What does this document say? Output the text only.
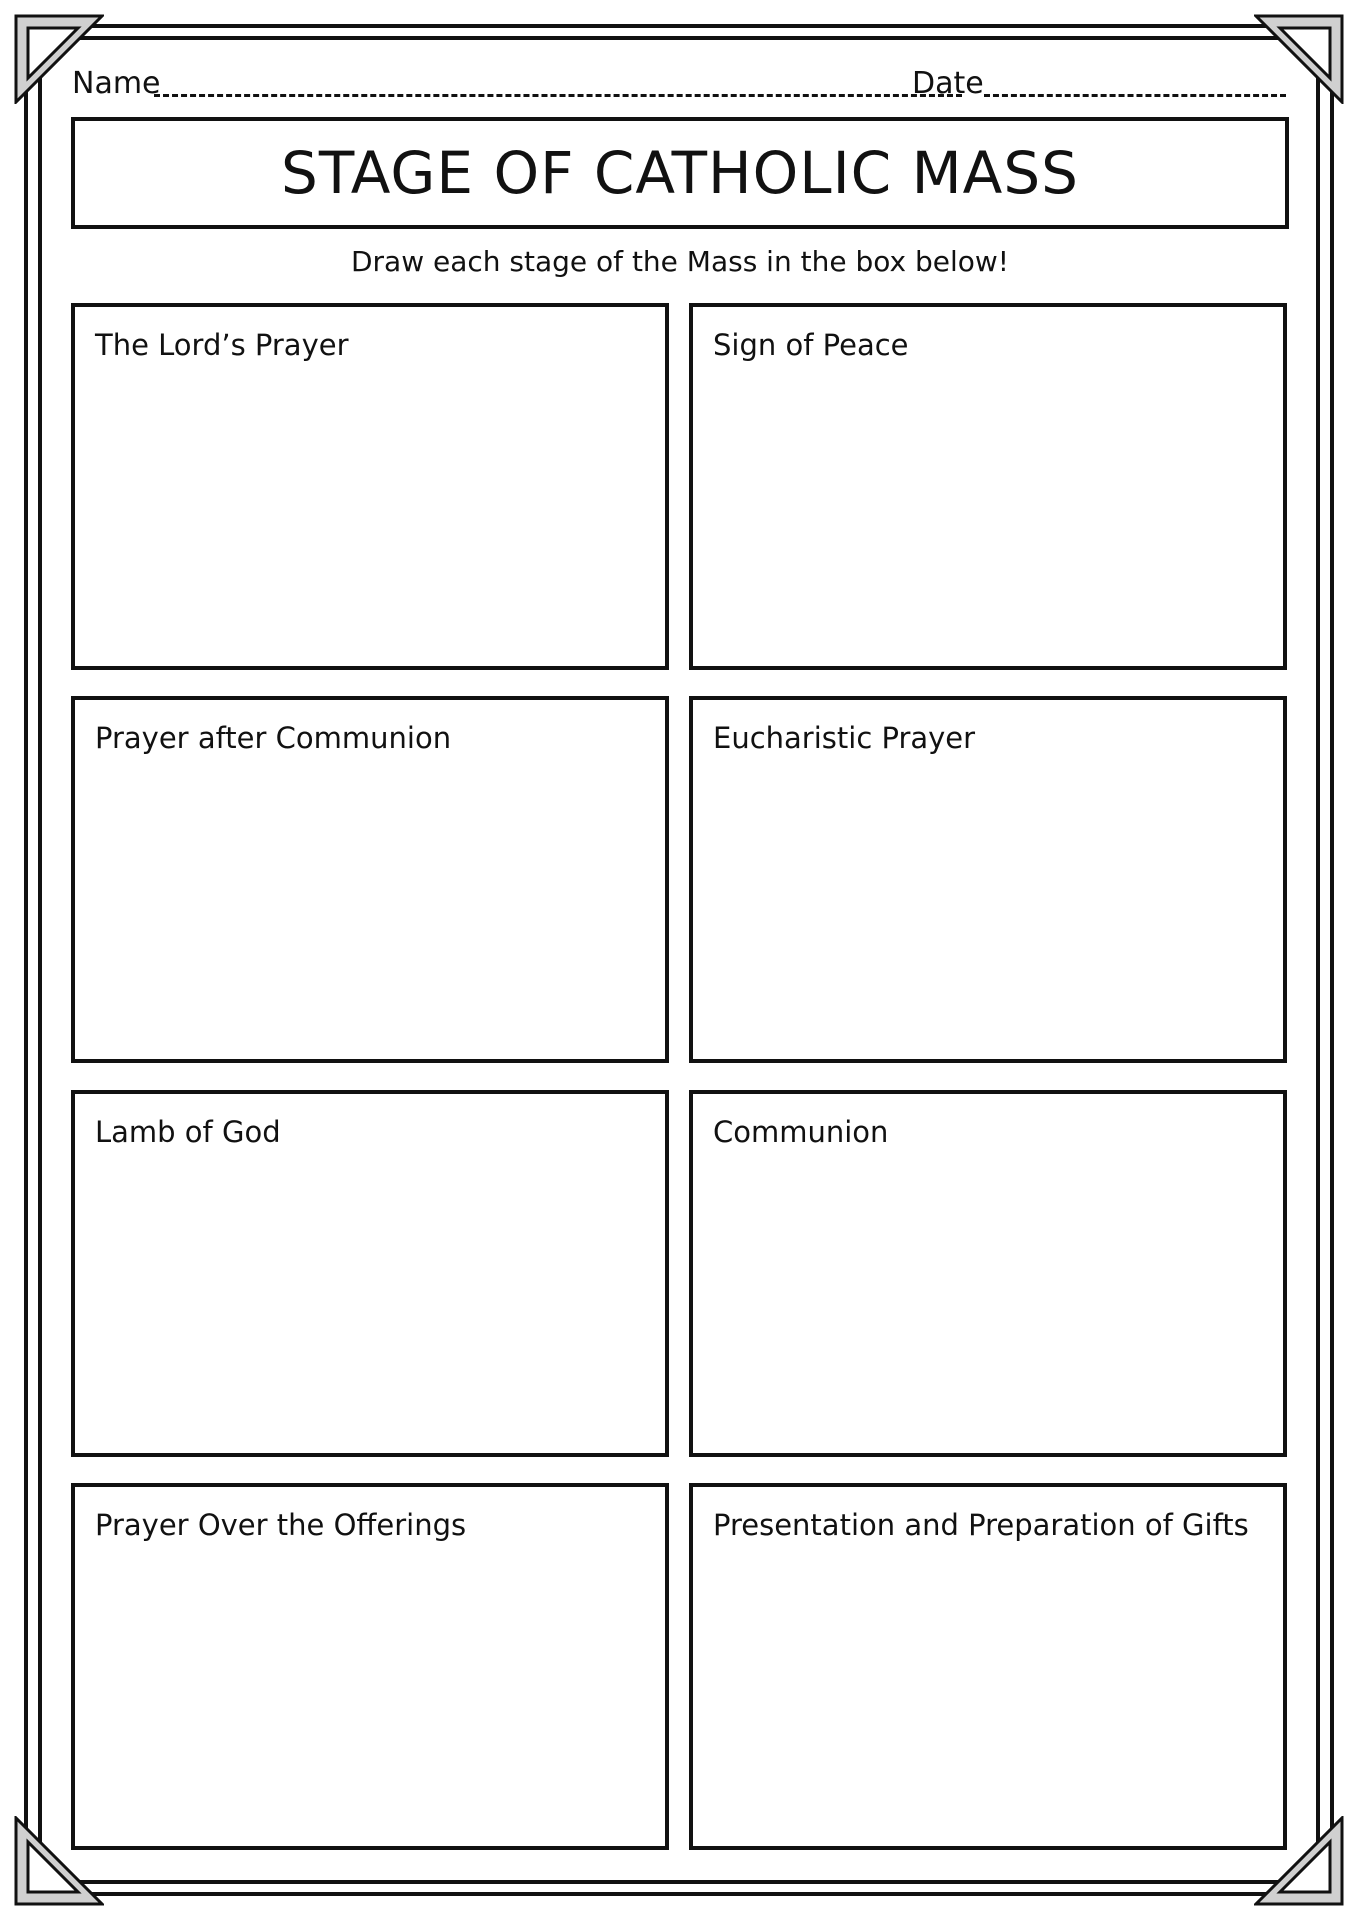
Name	Date
STAGE OF CATHOLIC MASS
Draw each stage of the Mass in the box below!
The Lord’s Prayer	Sign of Peace
Prayer after Communion	Eucharistic Prayer
Lamb of God	Communion
Prayer Over the Offerings	Presentation and Preparation of Gifts
